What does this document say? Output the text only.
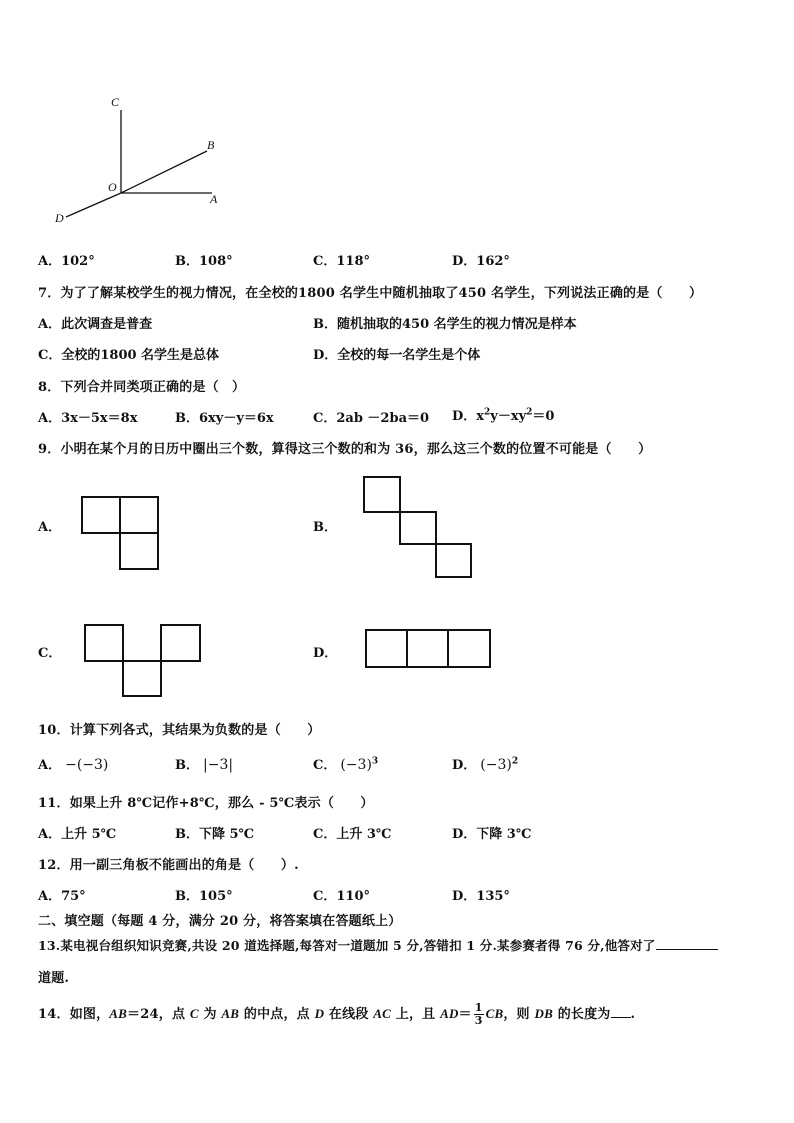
C
B
O
A
D
A．102°	B．108°	C．118°	D．162°
7．为了了解某校学生的视力情况，在全校的1800 名学生中随机抽取了450 名学生，下列说法正确的是（　　）
A．此次调查是普查	B．随机抽取的450 名学生的视力情况是样本
C．全校的1800 名学生是总体	D．全校的每一名学生是个体
8．下列合并同类项正确的是（　）
A．3x－5x＝8x	B．6xy－y＝6x	C．2ab －2ba＝0 D．$x^2y-xy^2=0$
9．小明在某个月的日历中圈出三个数，算得这三个数的和为 36，那么这三个数的位置不可能是（　　）
A．	B．
C．	D．
10．计算下列各式，其结果为负数的是（　　）
A． −(−3)	B． |−3|	C． $(-3)^3$	D． $(-3)^2$
11．如果上升 8℃记作+8℃，那么 - 5℃表示（　　）
A．上升 5℃	B．下降 5℃	C．上升 3℃	D．下降 3℃
12．用一副三角板不能画出的角是（　　）.
A．75°	B．105°	C．110°	D．135°
二、填空题（每题 4 分，满分 20 分，将答案填在答题纸上）
13.某电视台组织知识竞赛,共设 20 道选择题,每答对一道题加 5 分,答错扣 1 分.某参赛者得 76 分,他答对了
道题.
14．如图，AB＝24，点 C 为 AB 的中点，点 D 在线段 AC 上，且 $AD= \frac{1}{3}$ CB，则 DB 的长度为 .
